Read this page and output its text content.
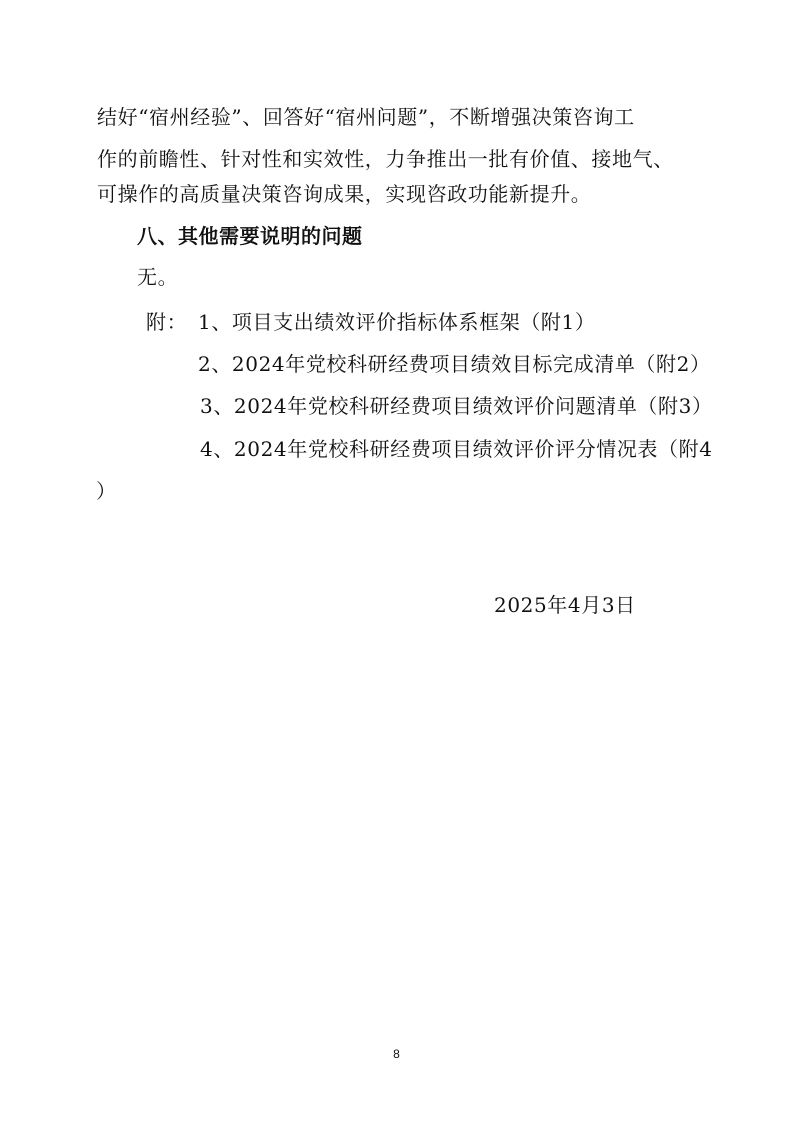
结好“宿州经验”、回答好“宿州问题”，不断增强决策咨询工
作的前瞻性、针对性和实效性，力争推出一批有价值、接地气、
可操作的高质量决策咨询成果，实现咨政功能新提升。
八、其他需要说明的问题
无。
附： 1、项目支出绩效评价指标体系框架（附1）
2、2024年党校科研经费项目绩效目标完成清单（附2）
3、2024年党校科研经费项目绩效评价问题清单（附3）
4、2024年党校科研经费项目绩效评价评分情况表（附4
）
2025年4月3日
8
